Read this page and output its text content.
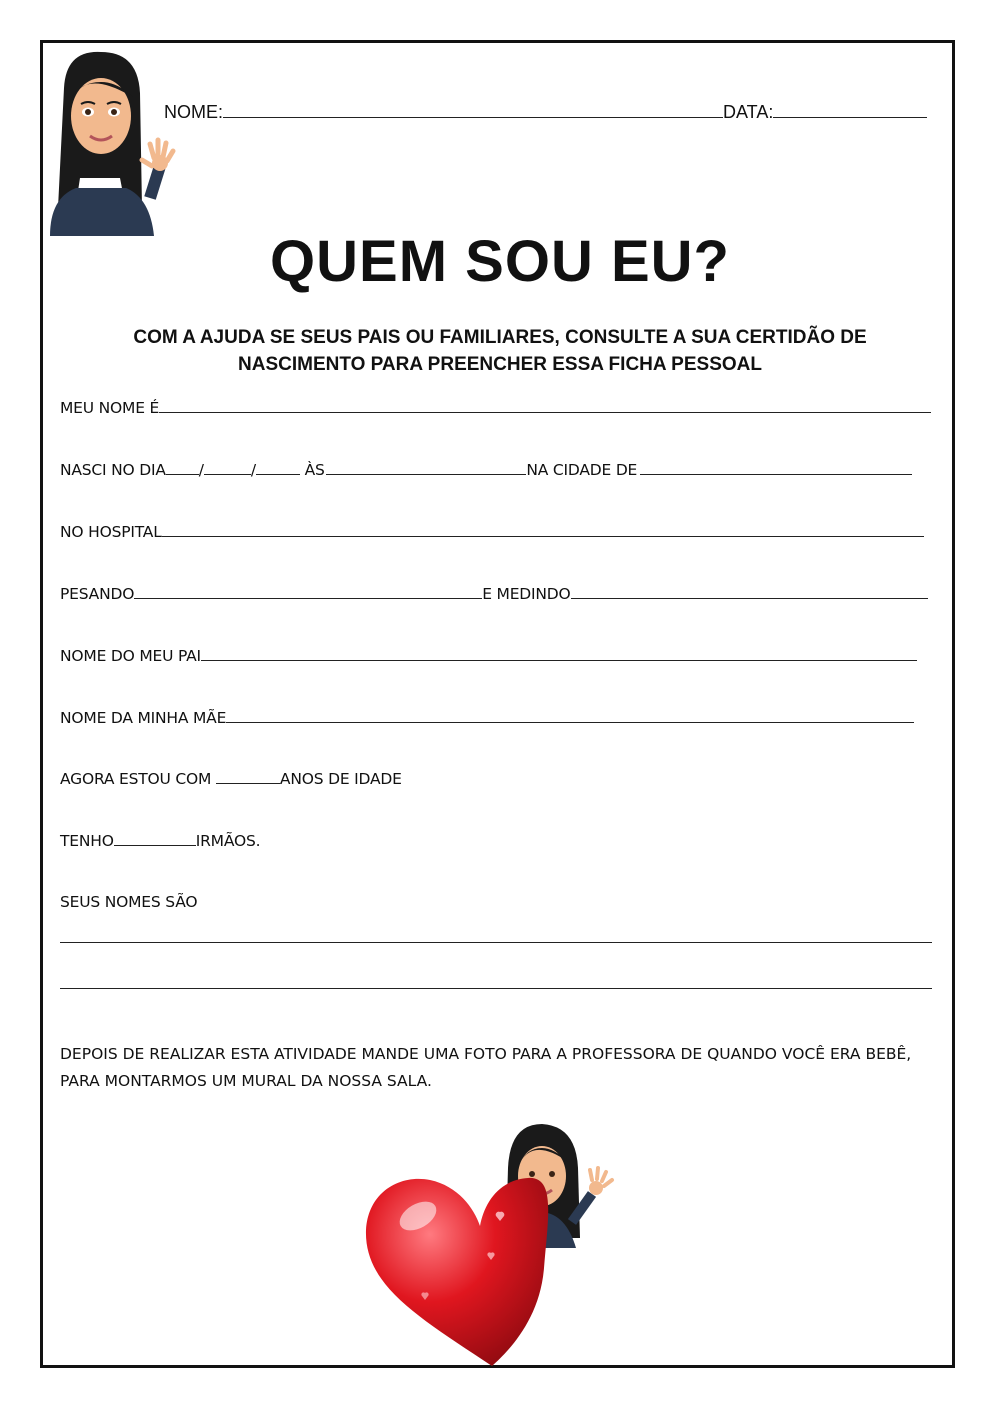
NOME:	DATA:
QUEM SOU EU?
COM A AJUDA SE SEUS PAIS OU FAMILIARES, CONSULTE A SUA CERTIDÃO DE
NASCIMENTO PARA PREENCHER ESSA FICHA PESSOAL
MEU NOME É
NASCI NO DIA /	/	ÀS	NA CIDADE DE
NO HOSPITAL
PESANDO	E MEDINDO
NOME DO MEU PAI
NOME DA MINHA MÃE
AGORA ESTOU COM	ANOS DE IDADE
TENHO	IRMÃOS.
SEUS NOMES SÃO
DEPOIS DE REALIZAR ESTA ATIVIDADE MANDE UMA FOTO PARA A PROFESSORA DE QUANDO VOCÊ ERA BEBÊ, PARA MONTARMOS UM MURAL DA NOSSA SALA.
